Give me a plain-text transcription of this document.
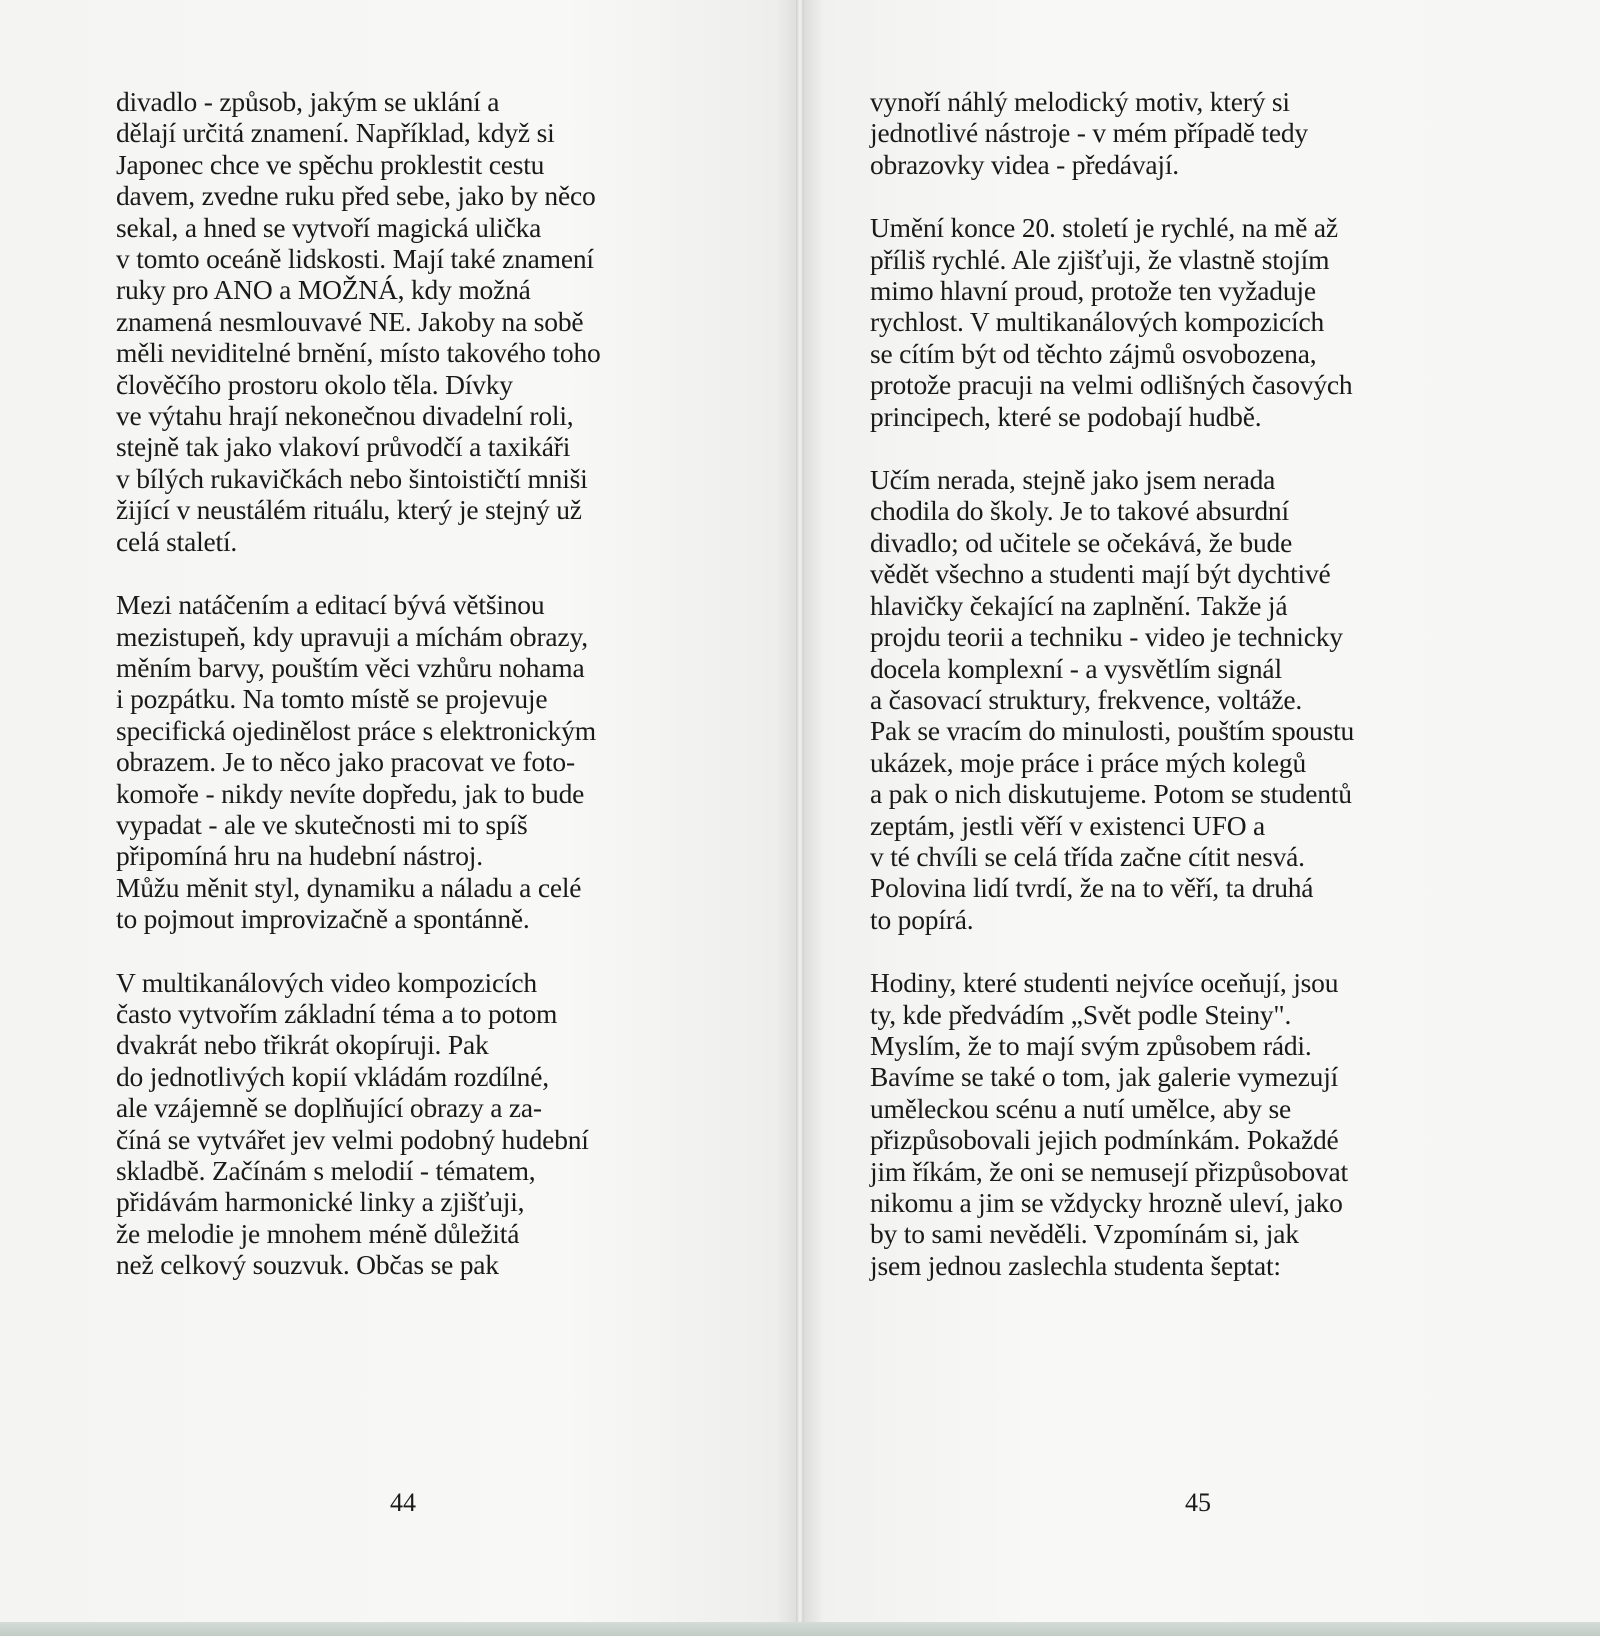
divadlo - způsob, jakým se uklání a
dělají určitá znamení. Například, když si
Japonec chce ve spěchu proklestit cestu
davem, zvedne ruku před sebe, jako by něco
sekal, a hned se vytvoří magická ulička
v tomto oceáně lidskosti. Mají také znamení
ruky pro ANO a MOŽNÁ, kdy možná
znamená nesmlouvavé NE. Jakoby na sobě
měli neviditelné brnění, místo takového toho
člověčího prostoru okolo těla. Dívky
ve výtahu hrají nekonečnou divadelní roli,
stejně tak jako vlakoví průvodčí a taxikáři
v bílých rukavičkách nebo šintoističtí mniši
žijící v neustálém rituálu, který je stejný už
celá staletí.

Mezi natáčením a editací bývá většinou
mezistupeň, kdy upravuji a míchám obrazy,
měním barvy, pouštím věci vzhůru nohama
i pozpátku. Na tomto místě se projevuje
specifická ojedinělost práce s elektronickým
obrazem. Je to něco jako pracovat ve foto-
komoře - nikdy nevíte dopředu, jak to bude
vypadat - ale ve skutečnosti mi to spíš
připomíná hru na hudební nástroj.
Můžu měnit styl, dynamiku a náladu a celé
to pojmout improvizačně a spontánně.

V multikanálových video kompozicích
často vytvořím základní téma a to potom
dvakrát nebo třikrát okopíruji. Pak
do jednotlivých kopií vkládám rozdílné,
ale vzájemně se doplňující obrazy a za-
číná se vytvářet jev velmi podobný hudební
skladbě. Začínám s melodií - tématem,
přidávám harmonické linky a zjišťuji,
že melodie je mnohem méně důležitá
než celkový souzvuk. Občas se pak

44

vynoří náhlý melodický motiv, který si
jednotlivé nástroje - v mém případě tedy
obrazovky videa - předávají.

Umění konce 20. století je rychlé, na mě až
příliš rychlé. Ale zjišťuji, že vlastně stojím
mimo hlavní proud, protože ten vyžaduje
rychlost. V multikanálových kompozicích
se cítím být od těchto zájmů osvobozena,
protože pracuji na velmi odlišných časových
principech, které se podobají hudbě.

Učím nerada, stejně jako jsem nerada
chodila do školy. Je to takové absurdní
divadlo; od učitele se očekává, že bude
vědět všechno a studenti mají být dychtivé
hlavičky čekající na zaplnění. Takže já
projdu teorii a techniku - video je technicky
docela komplexní - a vysvětlím signál
a časovací struktury, frekvence, voltáže.
Pak se vracím do minulosti, pouštím spoustu
ukázek, moje práce i práce mých kolegů
a pak o nich diskutujeme. Potom se studentů
zeptám, jestli věří v existenci UFO a
v té chvíli se celá třída začne cítit nesvá.
Polovina lidí tvrdí, že na to věří, ta druhá
to popírá.

Hodiny, které studenti nejvíce oceňují, jsou
ty, kde předvádím „Svět podle Steiny".
Myslím, že to mají svým způsobem rádi.
Bavíme se také o tom, jak galerie vymezují
uměleckou scénu a nutí umělce, aby se
přizpůsobovali jejich podmínkám. Pokaždé
jim říkám, že oni se nemusejí přizpůsobovat
nikomu a jim se vždycky hrozně uleví, jako
by to sami nevěděli. Vzpomínám si, jak
jsem jednou zaslechla studenta šeptat:

45
